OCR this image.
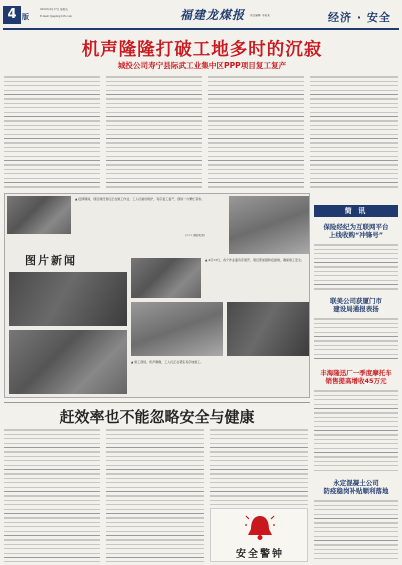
4 版
2020年4月17日 星期五
E-mail: fjaqsb@126.com	福建龙煤报 责任编辑: 李某某	经济 · 安全
机声隆隆打破工地多时的沉寂
城投公司寿宁县际武工业集中区PPP项目复工复产
▲ 疫情期间，项目建设者们正在施工作业，工人们做好防护，有序复工复产，现场一片繁忙景象。
(××× 摄影报道)
图片新闻	▲ 4月13日，各个作业面有序展开，项目部加强防疫措施，确保施工安全。
▲ 施工现场，机声隆隆，工人们正在紧张有序地施工。
赶效率也不能忽略安全与健康
安全警钟
简 讯
保险经纪为互联网平台
上线收购“冲锋号”
联美公司获厦门市
建设局通报表扬
丰海隆迅厂一季度摩托车
销售提高增收45万元
永定混凝土公司
防疫稳岗补贴顺利落地
